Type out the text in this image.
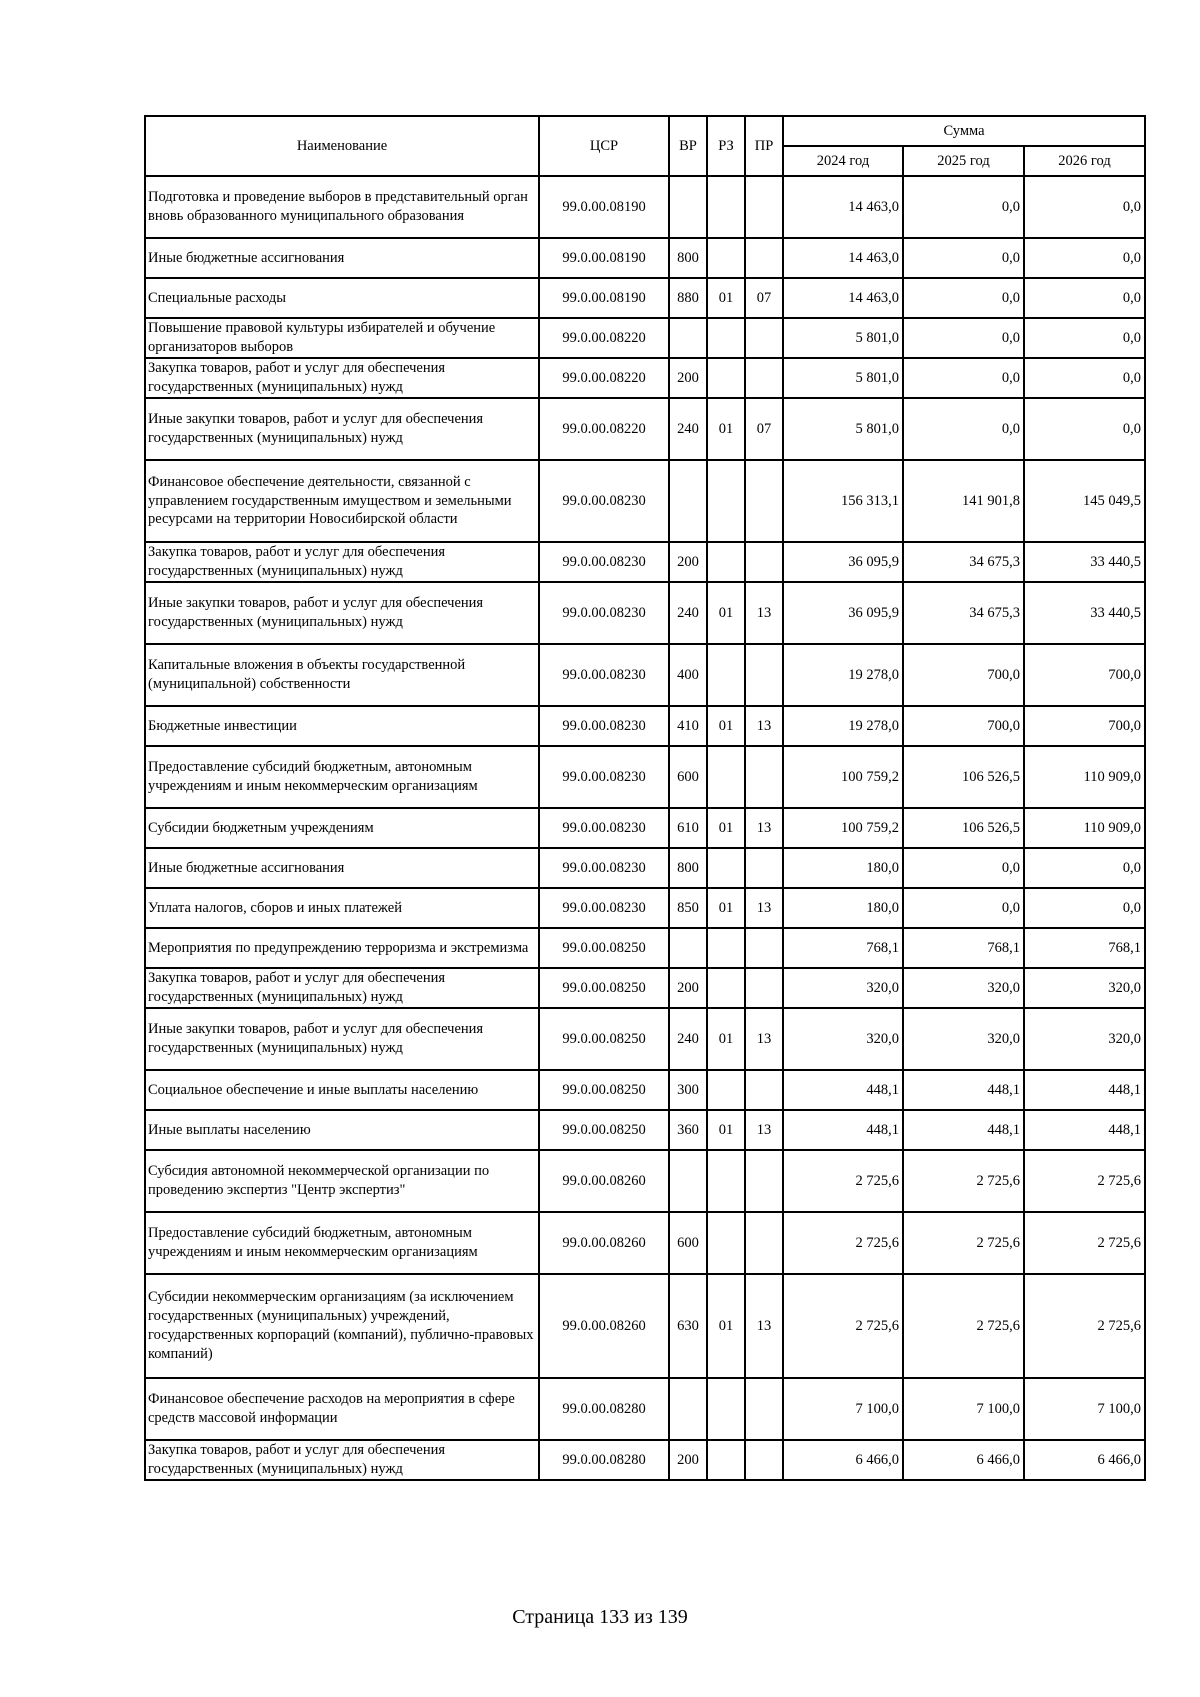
Наименование	ЦСР	ВР	РЗ	ПР	Сумма		
					2024 год	2025 год	2026 год
Подготовка и проведение выборов в представительный орган вновь образованного муниципального образования	99.0.00.08190				14 463,0	0,0	0,0
Иные бюджетные ассигнования	99.0.00.08190	800			14 463,0	0,0	0,0
Специальные расходы	99.0.00.08190	880	01	07	14 463,0	0,0	0,0
Повышение правовой культуры избирателей и обучение организаторов выборов	99.0.00.08220				5 801,0	0,0	0,0
Закупка товаров, работ и услуг для обеспечения государственных (муниципальных) нужд	99.0.00.08220	200			5 801,0	0,0	0,0
Иные закупки товаров, работ и услуг для обеспечения государственных (муниципальных) нужд	99.0.00.08220	240	01	07	5 801,0	0,0	0,0
Финансовое обеспечение деятельности, связанной с управлением государственным имуществом и земельными ресурсами на территории Новосибирской области	99.0.00.08230				156 313,1	141 901,8	145 049,5
Закупка товаров, работ и услуг для обеспечения государственных (муниципальных) нужд	99.0.00.08230	200			36 095,9	34 675,3	33 440,5
Иные закупки товаров, работ и услуг для обеспечения государственных (муниципальных) нужд	99.0.00.08230	240	01	13	36 095,9	34 675,3	33 440,5
Капитальные вложения в объекты государственной (муниципальной) собственности	99.0.00.08230	400			19 278,0	700,0	700,0
Бюджетные инвестиции	99.0.00.08230	410	01	13	19 278,0	700,0	700,0
Предоставление субсидий бюджетным, автономным учреждениям и иным некоммерческим организациям	99.0.00.08230	600			100 759,2	106 526,5	110 909,0
Субсидии бюджетным учреждениям	99.0.00.08230	610	01	13	100 759,2	106 526,5	110 909,0
Иные бюджетные ассигнования	99.0.00.08230	800			180,0	0,0	0,0
Уплата налогов, сборов и иных платежей	99.0.00.08230	850	01	13	180,0	0,0	0,0
Мероприятия по предупреждению терроризма и экстремизма	99.0.00.08250				768,1	768,1	768,1
Закупка товаров, работ и услуг для обеспечения государственных (муниципальных) нужд	99.0.00.08250	200			320,0	320,0	320,0
Иные закупки товаров, работ и услуг для обеспечения государственных (муниципальных) нужд	99.0.00.08250	240	01	13	320,0	320,0	320,0
Социальное обеспечение и иные выплаты населению	99.0.00.08250	300			448,1	448,1	448,1
Иные выплаты населению	99.0.00.08250	360	01	13	448,1	448,1	448,1
Субсидия автономной некоммерческой организации по проведению экспертиз "Центр экспертиз"	99.0.00.08260				2 725,6	2 725,6	2 725,6
Предоставление субсидий бюджетным, автономным учреждениям и иным некоммерческим организациям	99.0.00.08260	600			2 725,6	2 725,6	2 725,6
Субсидии некоммерческим организациям (за исключением государственных (муниципальных) учреждений, государственных корпораций (компаний), публично-правовых компаний)	99.0.00.08260	630	01	13	2 725,6	2 725,6	2 725,6
Финансовое обеспечение расходов на мероприятия в сфере средств массовой информации	99.0.00.08280				7 100,0	7 100,0	7 100,0
Закупка товаров, работ и услуг для обеспечения государственных (муниципальных) нужд	99.0.00.08280	200			6 466,0	6 466,0	6 466,0
Страница 133 из 139
